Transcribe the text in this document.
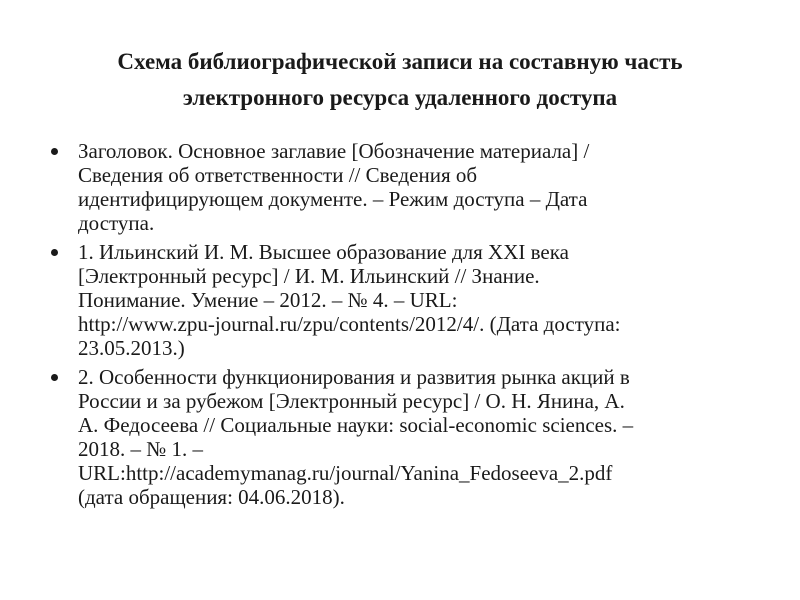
Схема библиографической записи на составную часть
электронного ресурса удаленного доступа
Заголовок. Основное заглавие [Обозначение материала] /
Сведения об ответственности // Сведения об
идентифицирующем документе. – Режим доступа – Дата
доступа.
1. Ильинский И. М. Высшее образование для XXI века
[Электронный ресурс] / И. М. Ильинский // Знание.
Понимание. Умение – 2012. – № 4. – URL:
http://www.zpu-journal.ru/zpu/contents/2012/4/. (Дата доступа:
23.05.2013.)
2. Особенности функционирования и развития рынка акций в
России и за рубежом [Электронный ресурс] / О. Н. Янина, А.
А. Федосеева // Социальные науки: social-economic sciences. –
2018. – № 1. –
URL:http://academymanag.ru/journal/Yanina_Fedoseeva_2.pdf
(дата обращения: 04.06.2018).
